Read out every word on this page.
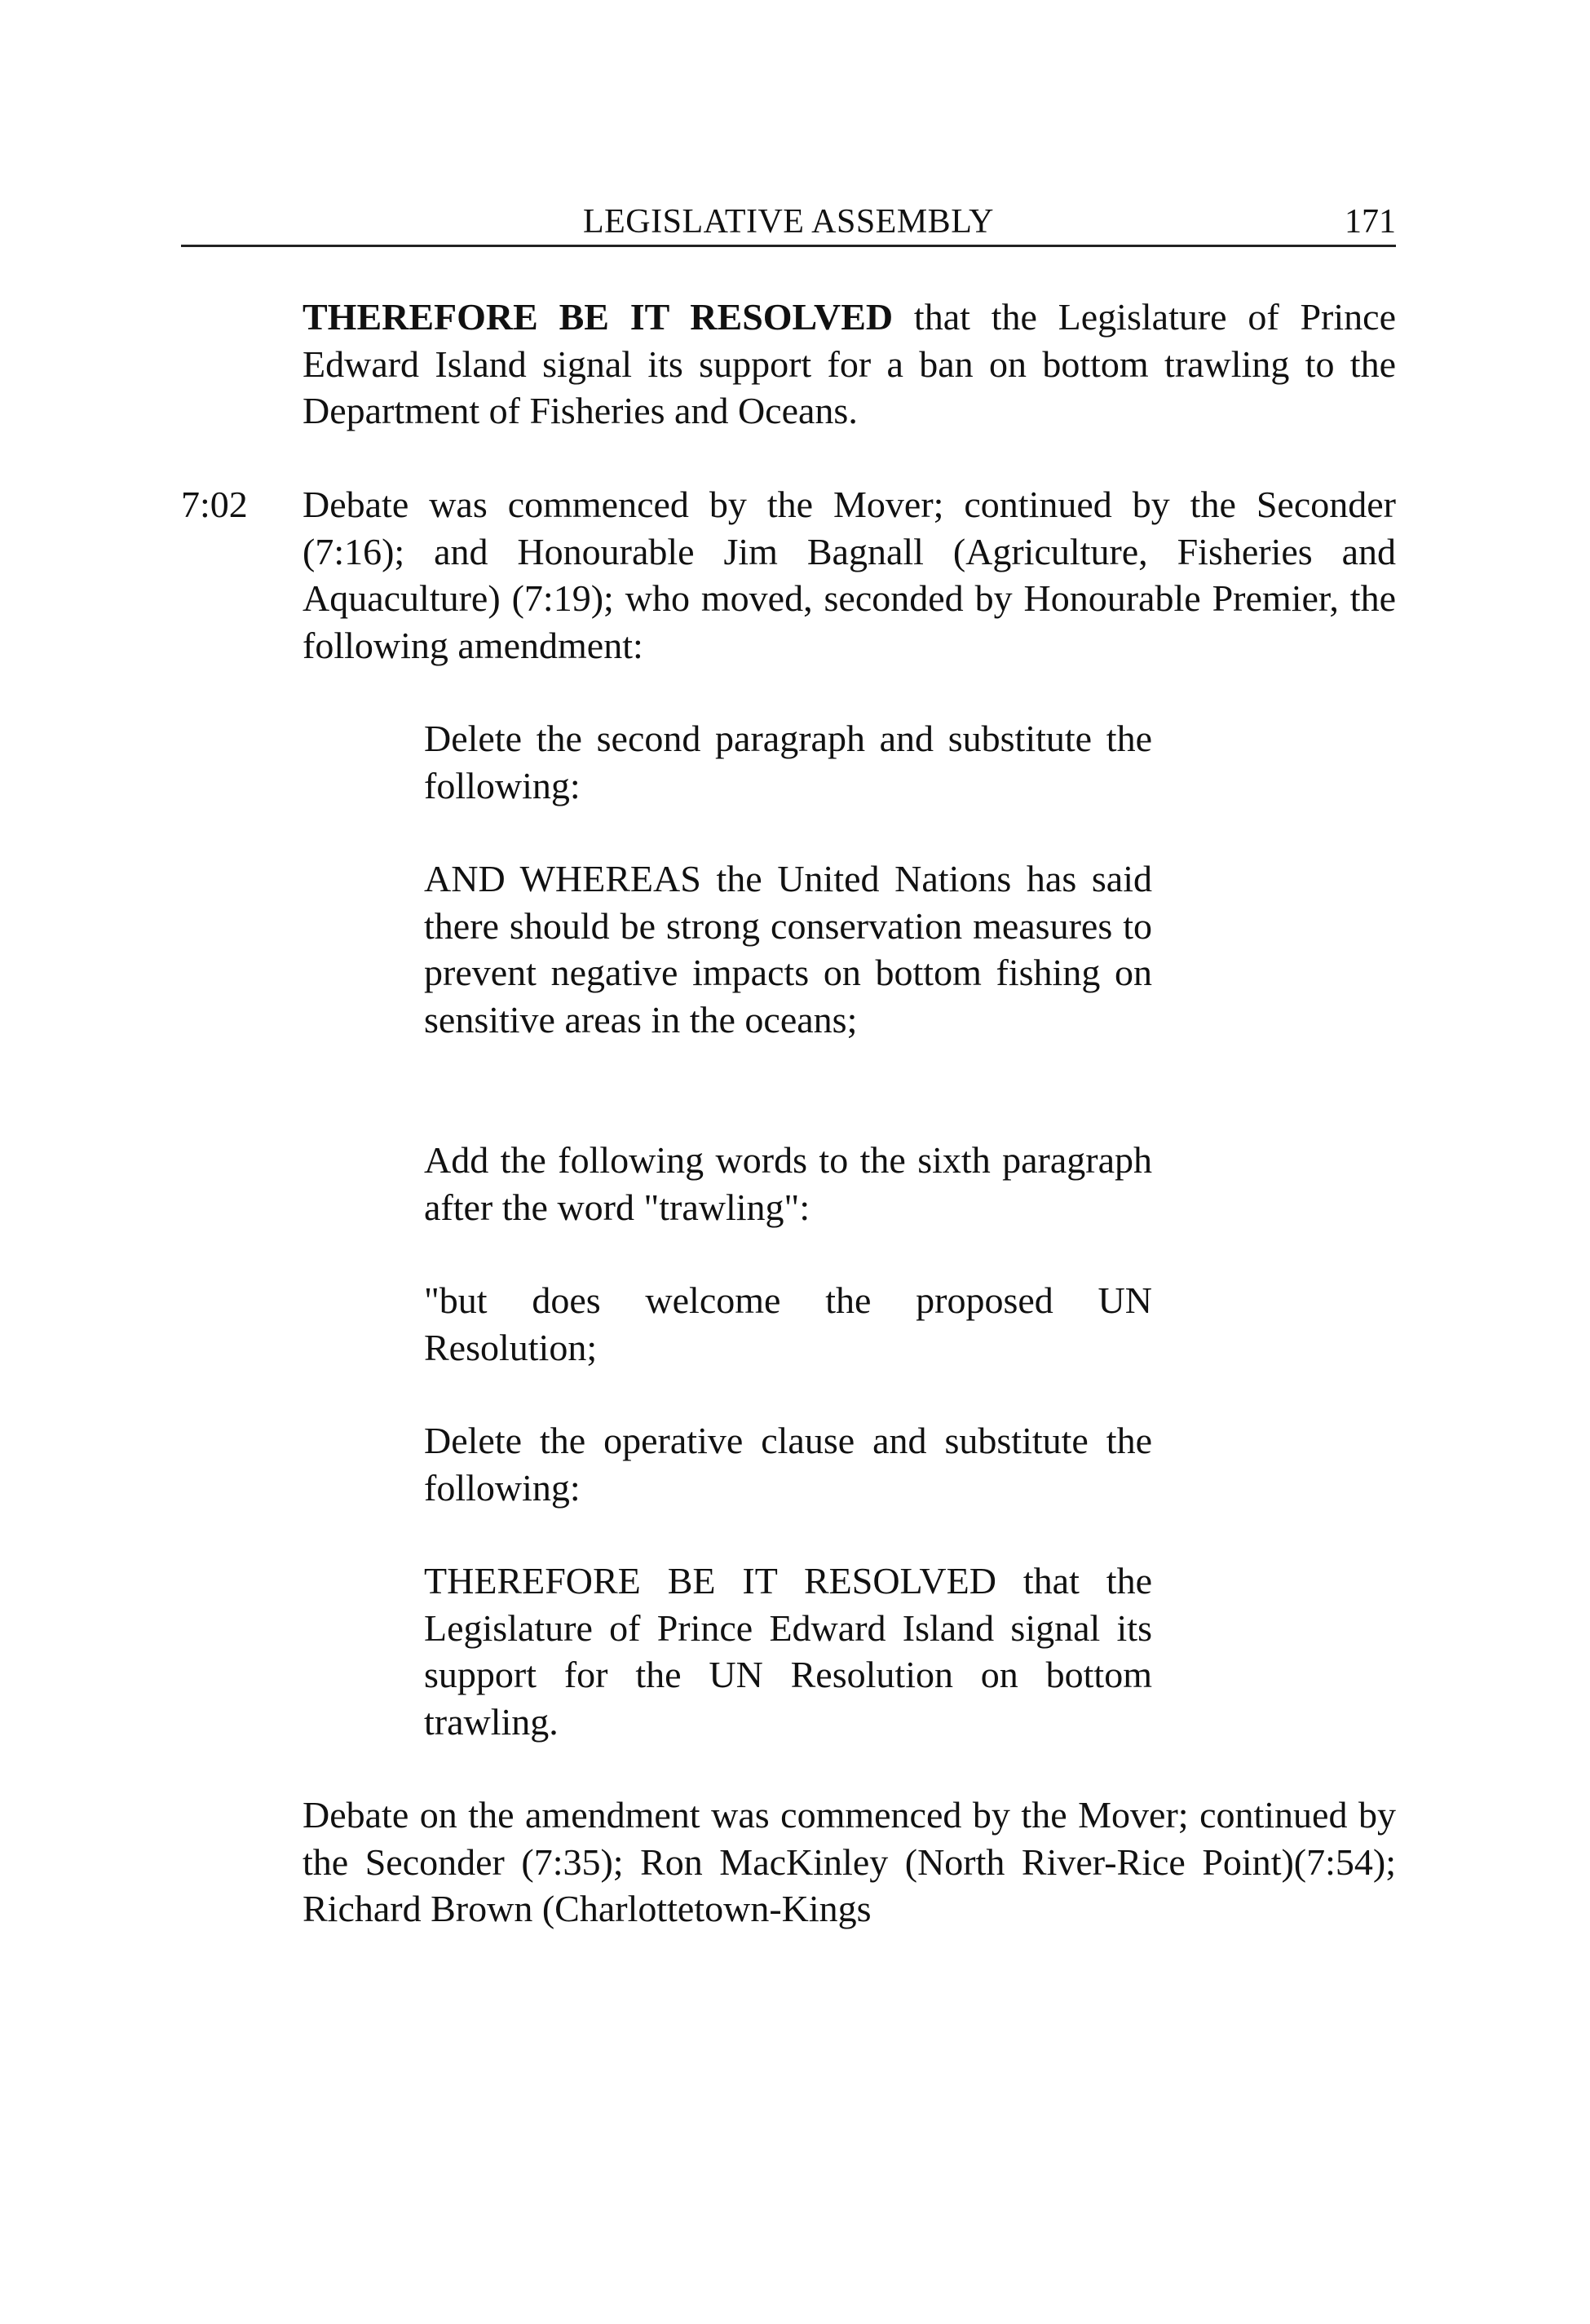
LEGISLATIVE ASSEMBLY	171

THEREFORE BE IT RESOLVED that the Legislature of Prince Edward Island signal its support for a ban on bottom trawling to the Department of Fisheries and Oceans.

7:02 Debate was commenced by the Mover; continued by the Seconder (7:16); and Honourable Jim Bagnall (Agriculture, Fisheries and Aquaculture) (7:19); who moved, seconded by Honourable Premier, the following amendment:

Delete the second paragraph and substitute the following:

AND WHEREAS the United Nations has said there should be strong conservation measures to prevent negative impacts on bottom fishing on sensitive areas in the oceans;

Add the following words to the sixth paragraph after the word "trawling":

"but does welcome the proposed UN Resolution;

Delete the operative clause and substitute the following:

THEREFORE BE IT RESOLVED that the Legislature of Prince Edward Island signal its support for the UN Resolution on bottom trawling.

Debate on the amendment was commenced by the Mover; continued by the Seconder (7:35); Ron MacKinley (North River-Rice Point)(7:54); Richard Brown (Charlottetown-Kings
